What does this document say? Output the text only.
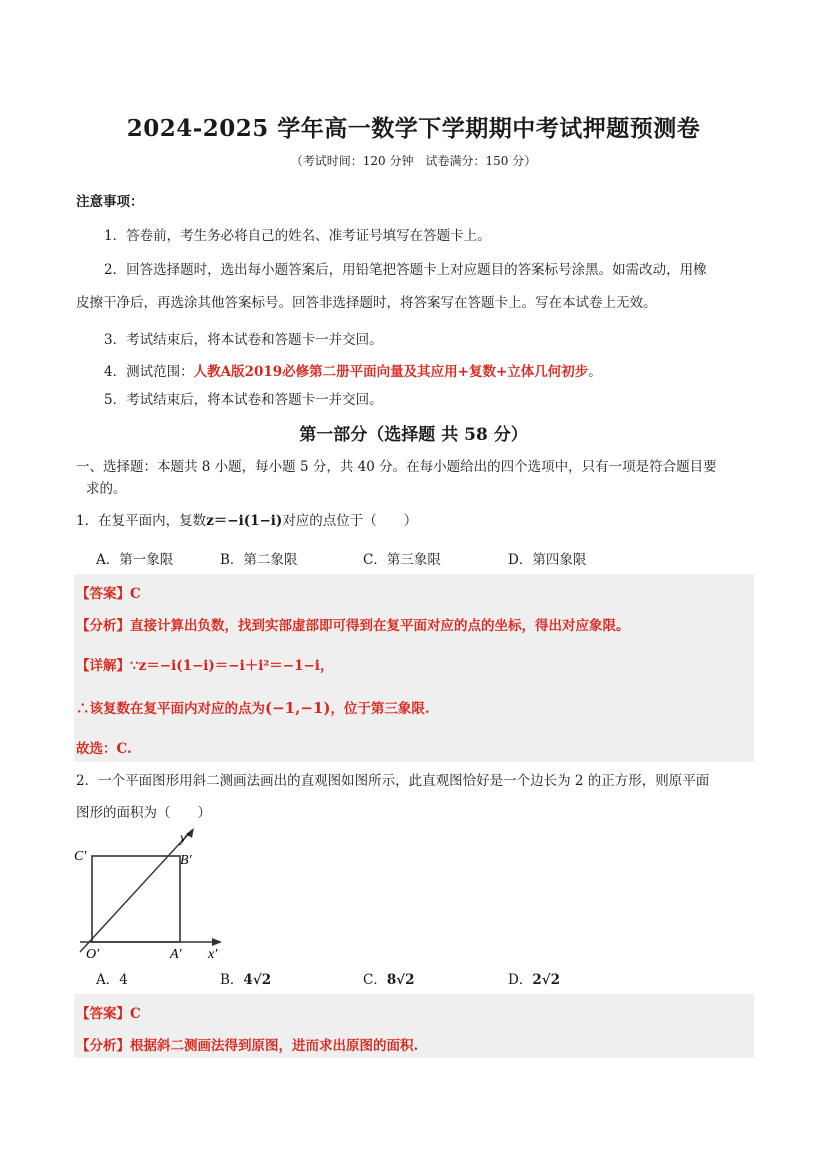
2024-2025 学年高一数学下学期期中考试押题预测卷
（考试时间：120 分钟　试卷满分：150 分）
注意事项：
1．答卷前，考生务必将自己的姓名、准考证号填写在答题卡上。
2．回答选择题时，选出每小题答案后，用铅笔把答题卡上对应题目的答案标号涂黑。如需改动，用橡
皮擦干净后，再选涂其他答案标号。回答非选择题时，将答案写在答题卡上。写在本试卷上无效。
3．考试结束后，将本试卷和答题卡一并交回。
4．测试范围：人教A版2019必修第二册平面向量及其应用+复数+立体几何初步。
5．考试结束后，将本试卷和答题卡一并交回。
第一部分（选择题 共 58 分）
一、选择题：本题共 8 小题，每小题 5 分，共 40 分。在每小题给出的四个选项中，只有一项是符合题目要
求的。
1．在复平面内，复数z＝−i(1−i)对应的点位于（　　）
A．第一象限	B．第二象限	C．第三象限	D．第四象限
【答案】C
【分析】直接计算出负数，找到实部虚部即可得到在复平面对应的点的坐标，得出对应象限。
【详解】∵z＝−i(1−i)＝−i＋i²＝−1−i，
∴该复数在复平面内对应的点为(−1,−1)，位于第三象限.
故选：C.
2．一个平面图形用斜二测画法画出的直观图如图所示，此直观图恰好是一个边长为 2 的正方形，则原平面
图形的面积为（　　）
C′	B′
O′	A′ x′
y′
A．4	B．4√2	C．8√2	D．2√2
【答案】C
【分析】根据斜二测画法得到原图，进而求出原图的面积.
